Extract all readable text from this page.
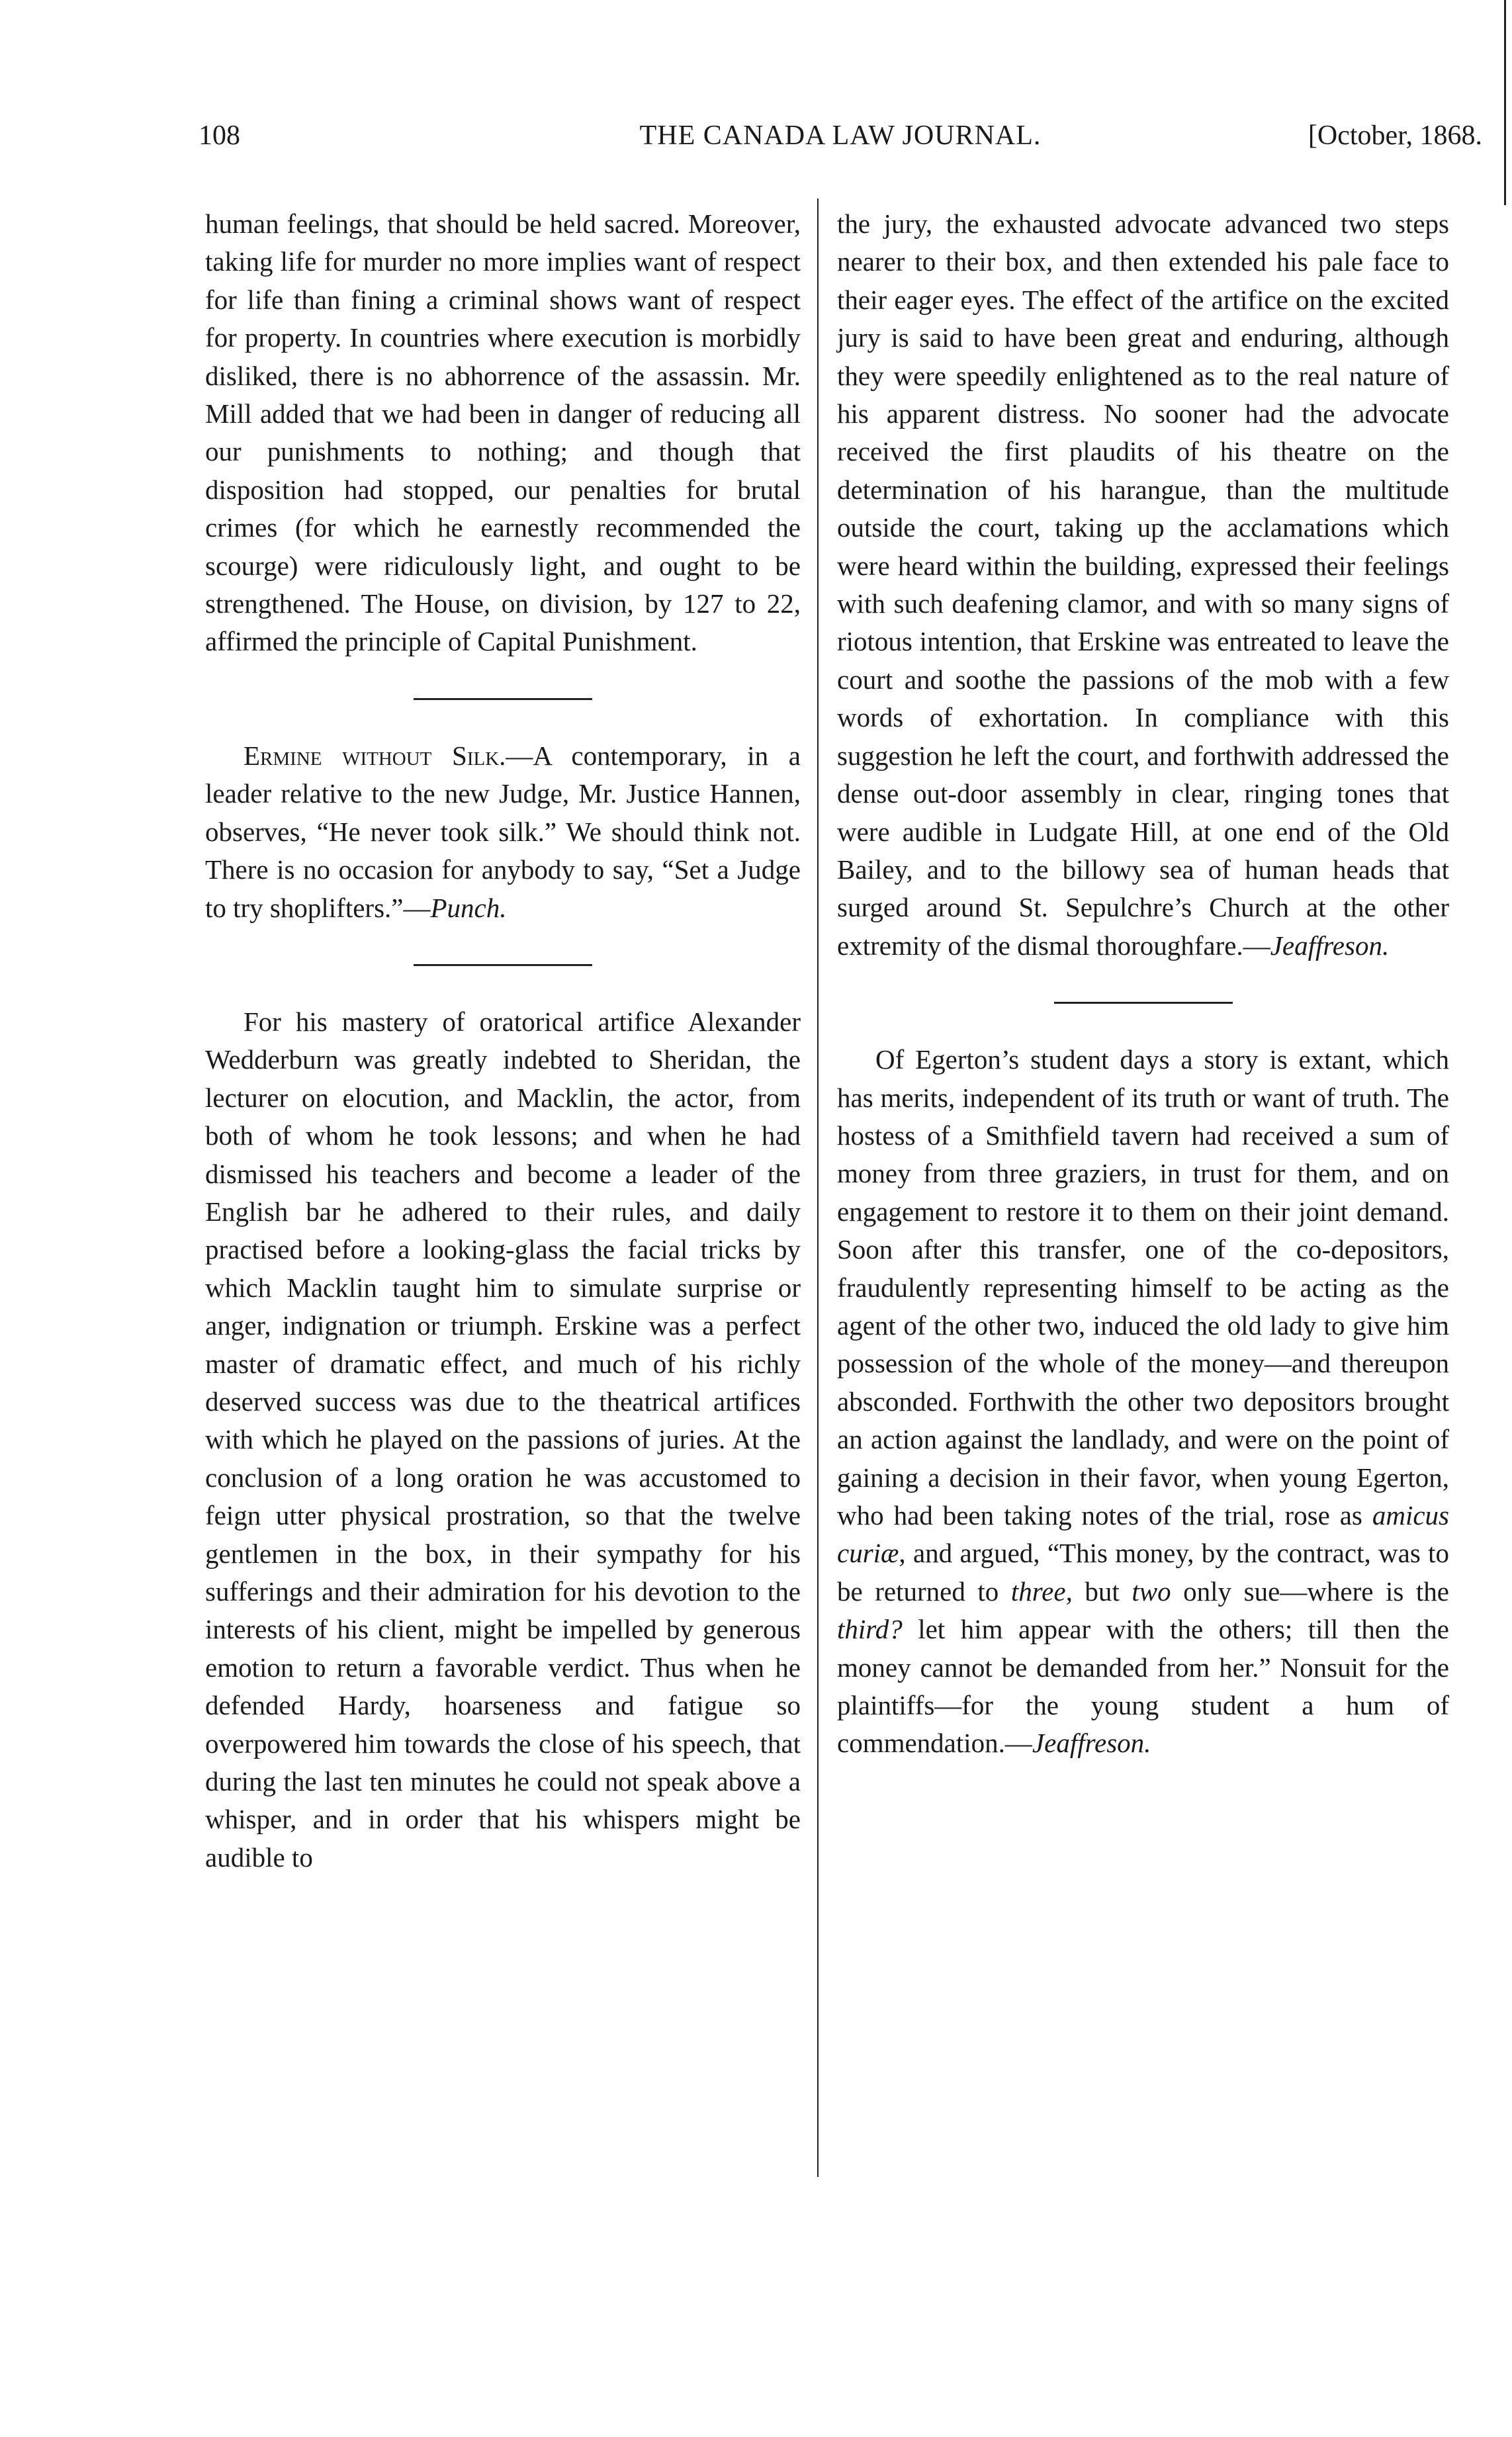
108	THE CANADA LAW JOURNAL.	[October, 1868.

human feelings, that should be held sacred. Moreover, taking life for murder no more implies want of respect for life than fining a criminal shows want of respect for property. In countries where execution is morbidly disliked, there is no abhorrence of the assassin. Mr. Mill added that we had been in danger of reducing all our punishments to nothing; and though that disposition had stopped, our penalties for brutal crimes (for which he earnestly recommended the scourge) were ridiculously light, and ought to be strengthened. The House, on division, by 127 to 22, affirmed the principle of Capital Punishment.

Ermine without Silk.—A contemporary, in a leader relative to the new Judge, Mr. Justice Hannen, observes, “He never took silk.” We should think not. There is no occasion for anybody to say, “Set a Judge to try shoplifters.”—Punch.

For his mastery of oratorical artifice Alexander Wedderburn was greatly indebted to Sheridan, the lecturer on elocution, and Macklin, the actor, from both of whom he took lessons; and when he had dismissed his teachers and become a leader of the English bar he adhered to their rules, and daily practised before a looking-glass the facial tricks by which Macklin taught him to simulate surprise or anger, indignation or triumph. Erskine was a perfect master of dramatic effect, and much of his richly deserved success was due to the theatrical artifices with which he played on the passions of juries. At the conclusion of a long oration he was accustomed to feign utter physical prostration, so that the twelve gentlemen in the box, in their sympathy for his sufferings and their admiration for his devotion to the interests of his client, might be impelled by generous emotion to return a favorable verdict. Thus when he defended Hardy, hoarseness and fatigue so overpowered him towards the close of his speech, that during the last ten minutes he could not speak above a whisper, and in order that his whispers might be audible to

the jury, the exhausted advocate advanced two steps nearer to their box, and then extended his pale face to their eager eyes. The effect of the artifice on the excited jury is said to have been great and enduring, although they were speedily enlightened as to the real nature of his apparent distress. No sooner had the advocate received the first plaudits of his theatre on the determination of his harangue, than the multitude outside the court, taking up the acclamations which were heard within the building, expressed their feelings with such deafening clamor, and with so many signs of riotous intention, that Erskine was entreated to leave the court and soothe the passions of the mob with a few words of exhortation. In compliance with this suggestion he left the court, and forthwith addressed the dense out-door assembly in clear, ringing tones that were audible in Ludgate Hill, at one end of the Old Bailey, and to the billowy sea of human heads that surged around St. Sepulchre’s Church at the other extremity of the dismal thoroughfare.—Jeaffreson.

Of Egerton’s student days a story is extant, which has merits, independent of its truth or want of truth. The hostess of a Smithfield tavern had received a sum of money from three graziers, in trust for them, and on engagement to restore it to them on their joint demand. Soon after this transfer, one of the co-depositors, fraudulently representing himself to be acting as the agent of the other two, induced the old lady to give him possession of the whole of the money—and thereupon absconded. Forthwith the other two depositors brought an action against the landlady, and were on the point of gaining a decision in their favor, when young Egerton, who had been taking notes of the trial, rose as amicus curiæ, and argued, “This money, by the contract, was to be returned to three, but two only sue—where is the third? let him appear with the others; till then the money cannot be demanded from her.” Nonsuit for the plaintiffs—for the young student a hum of commendation.—Jeaffreson.
